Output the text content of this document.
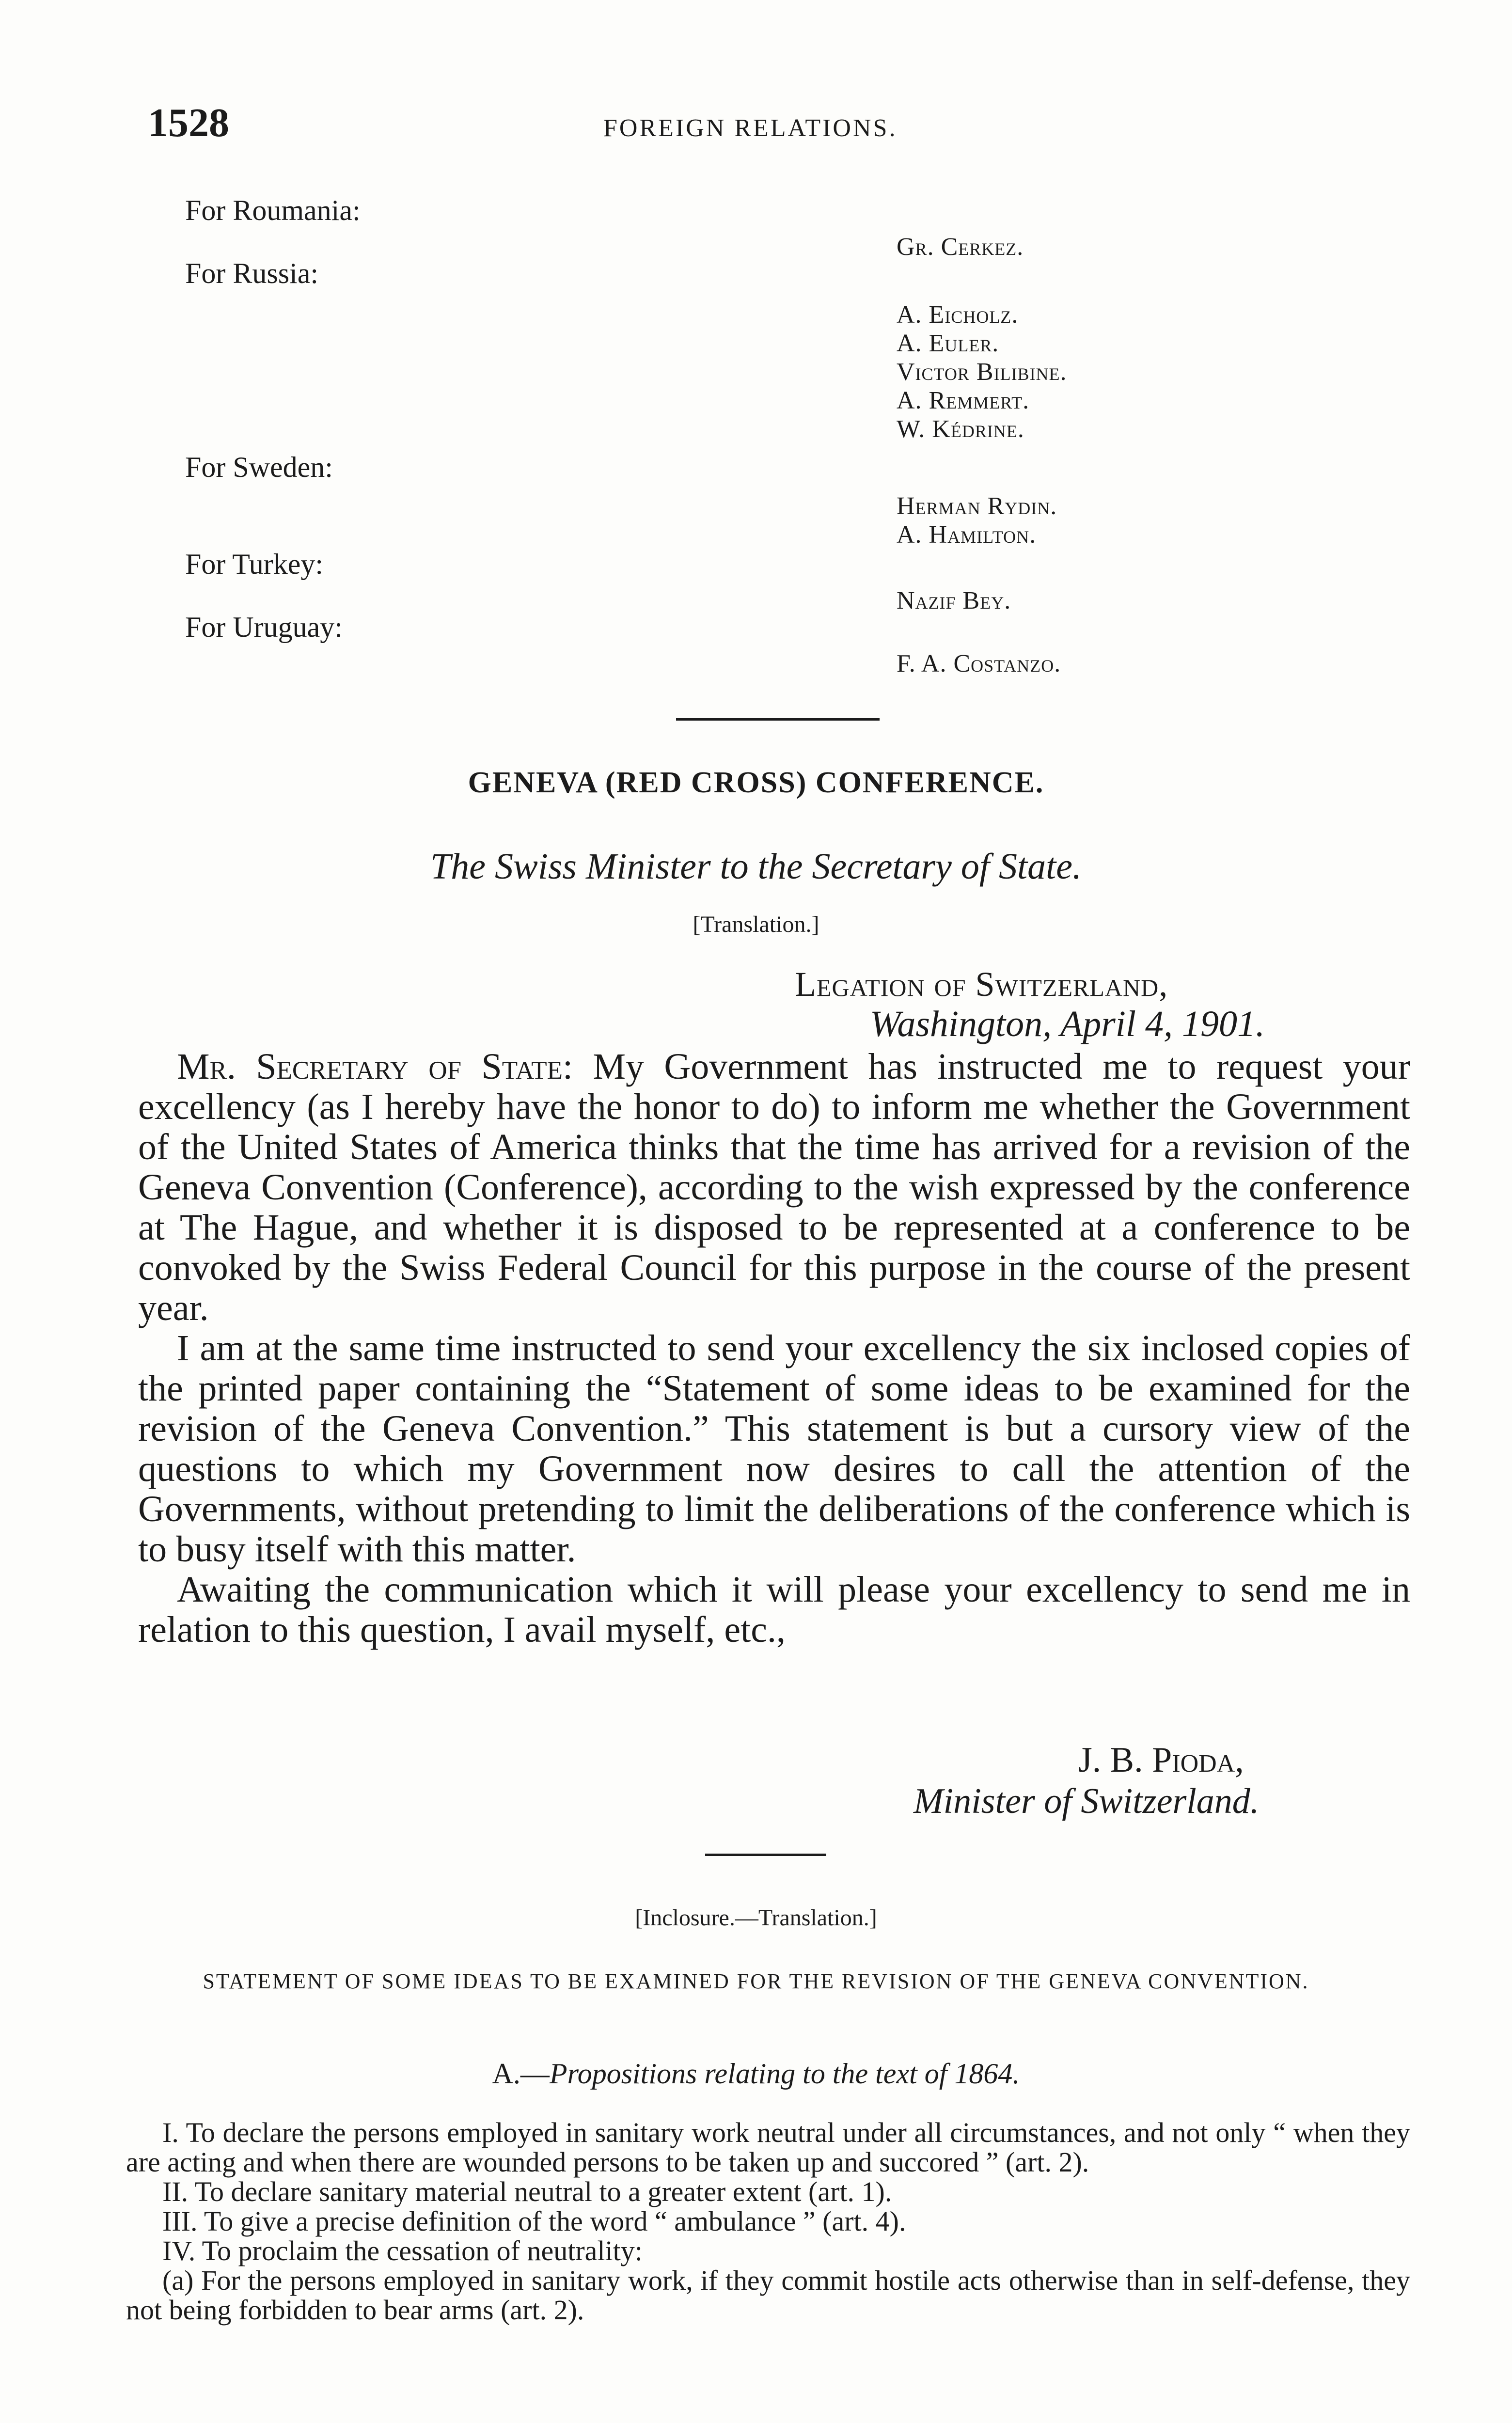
1528	FOREIGN RELATIONS.
For Roumania:
For Russia:
For Sweden:
For Turkey:
For Uruguay:
Gr. Cerkez.
A. Eicholz.
A. Euler.
Victor Bilibine.
A. Remmert.
W. Kédrine.
Herman Rydin.
A. Hamilton.
Nazif Bey.
F. A. Costanzo.
GENEVA (RED CROSS) CONFERENCE.
The Swiss Minister to the Secretary of State.
[Translation.]
Legation of Switzerland,
Washington, April 4, 1901.

Mr. Secretary of State: My Government has instructed me to request your excellency (as I hereby have the honor to do) to inform me whether the Government of the United States of America thinks that the time has arrived for a revision of the Geneva Convention (Conference), according to the wish expressed by the conference at The Hague, and whether it is disposed to be represented at a conference to be convoked by the Swiss Federal Council for this purpose in the course of the present year.

I am at the same time instructed to send your excellency the six inclosed copies of the printed paper containing the “Statement of some ideas to be examined for the revision of the Geneva Convention.” This statement is but a cursory view of the questions to which my Government now desires to call the attention of the Governments, without pretending to limit the deliberations of the conference which is to busy itself with this matter.

Awaiting the communication which it will please your excellency to send me in relation to this question, I avail myself, etc.,

J. B. Pioda,
Minister of Switzerland.
[Inclosure.—Translation.]
STATEMENT OF SOME IDEAS TO BE EXAMINED FOR THE REVISION OF THE GENEVA CONVENTION.
A.—Propositions relating to the text of 1864.

I. To declare the persons employed in sanitary work neutral under all circumstances, and not only “ when they are acting and when there are wounded persons to be taken up and succored ” (art. 2).

II. To declare sanitary material neutral to a greater extent (art. 1).

III. To give a precise definition of the word “ ambulance ” (art. 4).

IV. To proclaim the cessation of neutrality:

(a) For the persons employed in sanitary work, if they commit hostile acts otherwise than in self-defense, they not being forbidden to bear arms (art. 2).
